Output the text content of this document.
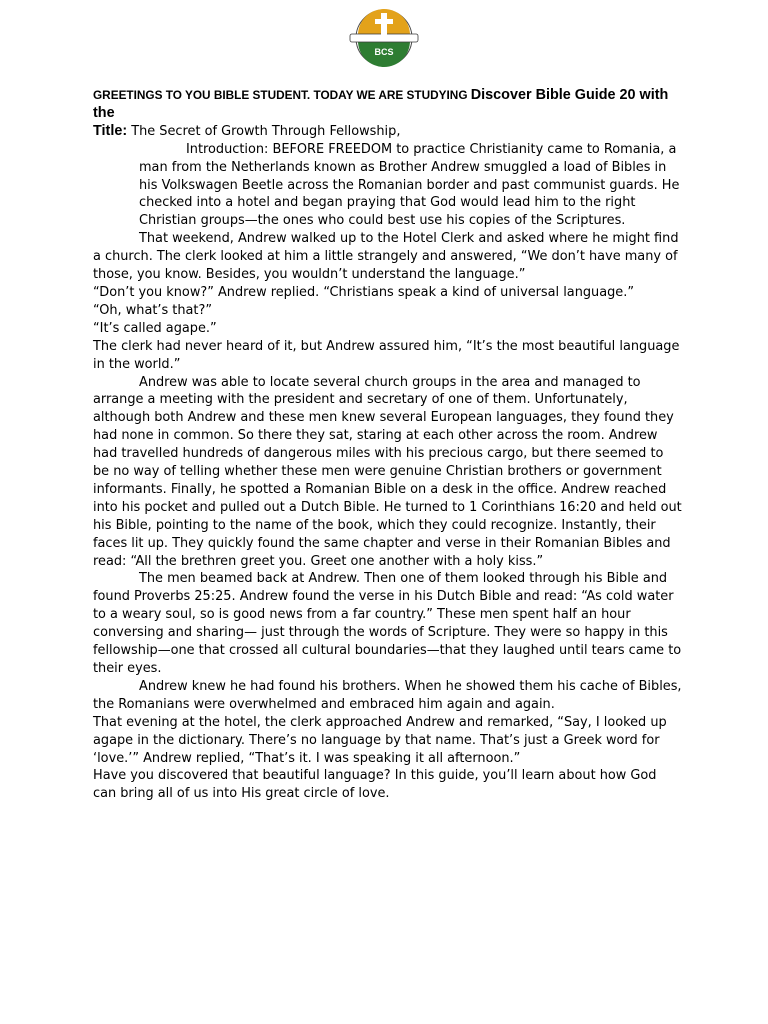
BCS

GREETINGS TO YOU BIBLE STUDENT. TODAY WE ARE STUDYING Discover Bible Guide 20 with the
Title: The Secret of Growth Through Fellowship,

Introduction: BEFORE FREEDOM to practice Christianity came to Romania, a man from the Netherlands known as Brother Andrew smuggled a load of Bibles in his Volkswagen Beetle across the Romanian border and past communist guards. He checked into a hotel and began praying that God would lead him to the right Christian groups—the ones who could best use his copies of the Scriptures.

That weekend, Andrew walked up to the Hotel Clerk and asked where he might find a church. The clerk looked at him a little strangely and answered, “We don’t have many of those, you know. Besides, you wouldn’t understand the language.”

“Don’t you know?” Andrew replied. “Christians speak a kind of universal language.”

“Oh, what’s that?”

“It’s called agape.”

The clerk had never heard of it, but Andrew assured him, “It’s the most beautiful language in the world.”

Andrew was able to locate several church groups in the area and managed to arrange a meeting with the president and secretary of one of them. Unfortunately, although both Andrew and these men knew several European languages, they found they had none in common. So there they sat, staring at each other across the room. Andrew had travelled hundreds of dangerous miles with his precious cargo, but there seemed to be no way of telling whether these men were genuine Christian brothers or government informants. Finally, he spotted a Romanian Bible on a desk in the office. Andrew reached into his pocket and pulled out a Dutch Bible. He turned to 1 Corinthians 16:20 and held out his Bible, pointing to the name of the book, which they could recognize. Instantly, their faces lit up. They quickly found the same chapter and verse in their Romanian Bibles and read: “All the brethren greet you. Greet one another with a holy kiss.”

The men beamed back at Andrew. Then one of them looked through his Bible and found Proverbs 25:25. Andrew found the verse in his Dutch Bible and read: “As cold water to a weary soul, so is good news from a far country.” These men spent half an hour conversing and sharing— just through the words of Scripture. They were so happy in this fellowship—one that crossed all cultural boundaries—that they laughed until tears came to their eyes.

Andrew knew he had found his brothers. When he showed them his cache of Bibles, the Romanians were overwhelmed and embraced him again and again.

That evening at the hotel, the clerk approached Andrew and remarked, “Say, I looked up agape in the dictionary. There’s no language by that name. That’s just a Greek word for ‘love.’” Andrew replied, “That’s it. I was speaking it all afternoon.”

Have you discovered that beautiful language? In this guide, you’ll learn about how God can bring all of us into His great circle of love.
